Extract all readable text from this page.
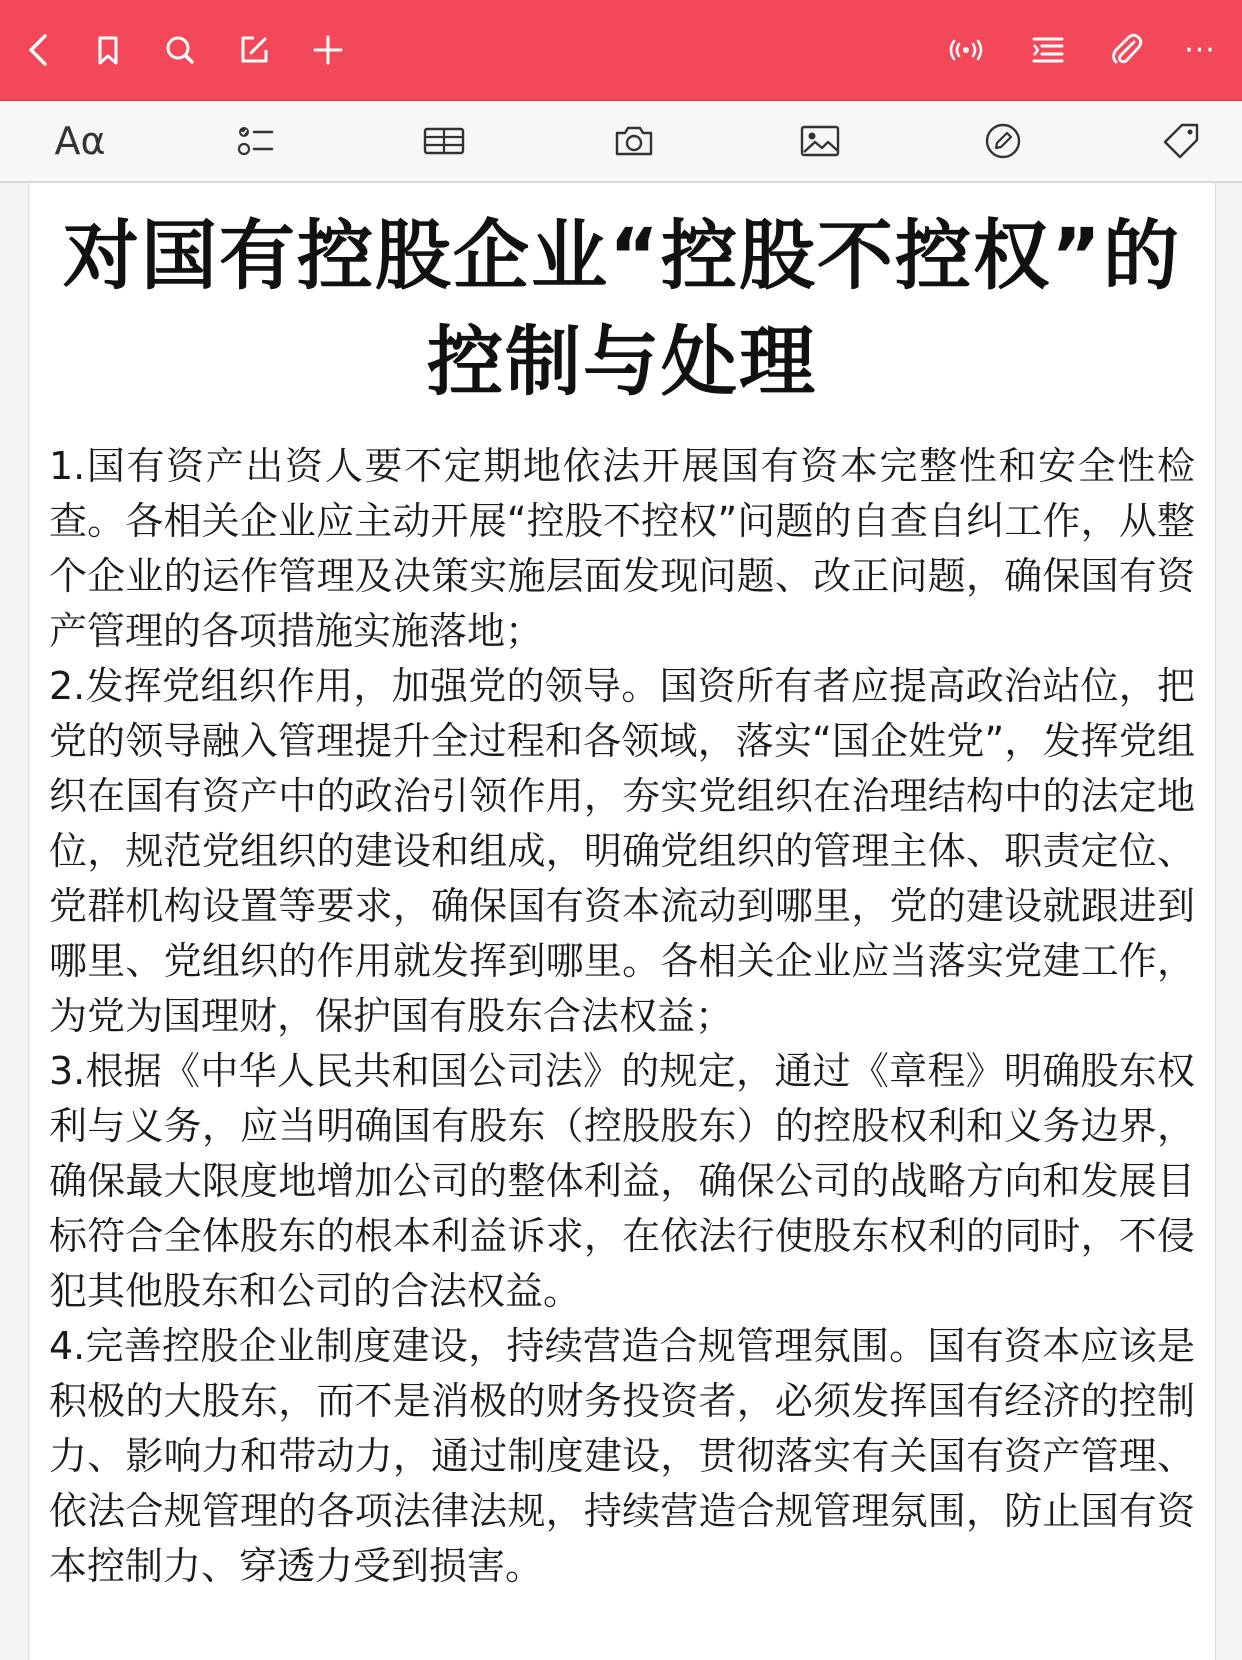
···
Aα
对国有控股企业“控股不控权”的控制与处理

1.国有资产出资人要不定期地依法开展国有资本完整性和安全性检查。各相关企业应主动开展“控股不控权”问题的自查自纠工作，从整个企业的运作管理及决策实施层面发现问题、改正问题，确保国有资产管理的各项措施实施落地；

2.发挥党组织作用，加强党的领导。国资所有者应提高政治站位，把党的领导融入管理提升全过程和各领域，落实“国企姓党”，发挥党组织在国有资产中的政治引领作用，夯实党组织在治理结构中的法定地位，规范党组织的建设和组成，明确党组织的管理主体、职责定位、党群机构设置等要求，确保国有资本流动到哪里，党的建设就跟进到哪里、党组织的作用就发挥到哪里。各相关企业应当落实党建工作，为党为国理财，保护国有股东合法权益；

3.根据《中华人民共和国公司法》的规定，通过《章程》明确股东权利与义务，应当明确国有股东（控股股东）的控股权利和义务边界，确保最大限度地增加公司的整体利益，确保公司的战略方向和发展目标符合全体股东的根本利益诉求，在依法行使股东权利的同时，不侵犯其他股东和公司的合法权益。

4.完善控股企业制度建设，持续营造合规管理氛围。国有资本应该是积极的大股东，而不是消极的财务投资者，必须发挥国有经济的控制力、影响力和带动力，通过制度建设，贯彻落实有关国有资产管理、依法合规管理的各项法律法规，持续营造合规管理氛围，防止国有资本控制力、穿透力受到损害。
